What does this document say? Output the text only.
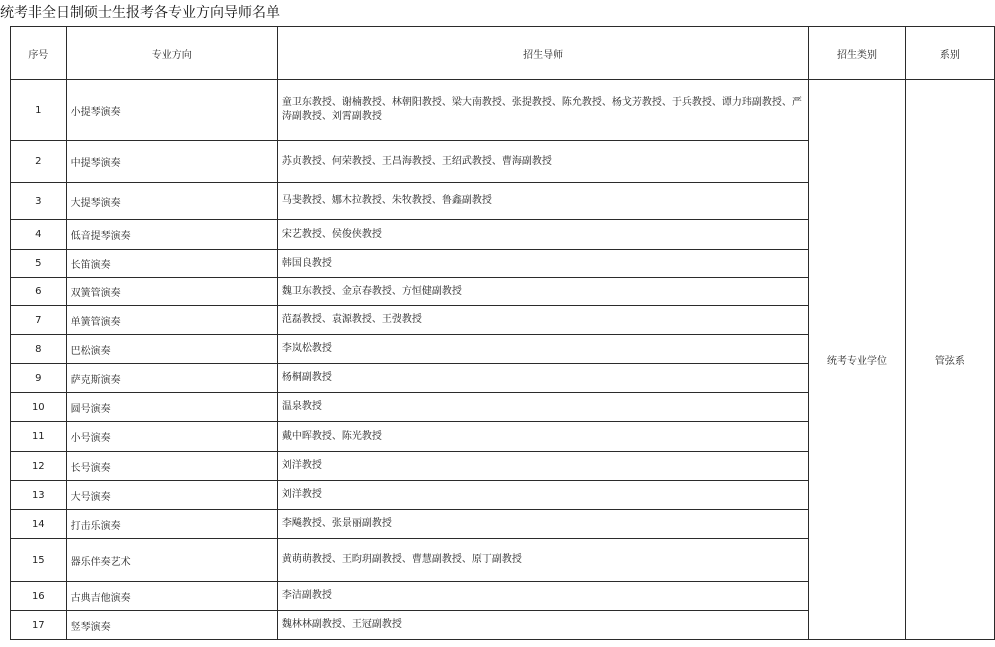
统考非全日制硕士生报考各专业方向导师名单
序号	专业方向	招生导师	招生类别	系别
1	小提琴演奏	童卫东教授、谢楠教授、林朝阳教授、梁大南教授、张提教授、陈允教授、杨戈芳教授、于兵教授、谭力玮副教授、严涛副教授、刘霄副教授	统考专业学位	管弦系
2	中提琴演奏	苏贞教授、何荣教授、王昌海教授、王绍武教授、曹海副教授		
3	大提琴演奏	马斐教授、娜木拉教授、朱牧教授、鲁鑫副教授		
4	低音提琴演奏	宋艺教授、侯俊侠教授		
5	长笛演奏	韩国良教授		
6	双簧管演奏	魏卫东教授、金京春教授、方恒健副教授		
7	单簧管演奏	范磊教授、袁源教授、王弢教授		
8	巴松演奏	李岚松教授		
9	萨克斯演奏	杨桐副教授		
10	圆号演奏	温泉教授		
11	小号演奏	戴中晖教授、陈光教授		
12	长号演奏	刘洋教授		
13	大号演奏	刘洋教授		
14	打击乐演奏	李飚教授、张景丽副教授		
15	器乐伴奏艺术	黄萌萌教授、王昀玥副教授、曹慧副教授、原丁副教授		
16	古典吉他演奏	李洁副教授		
17	竖琴演奏	魏林林副教授、王冠副教授		
